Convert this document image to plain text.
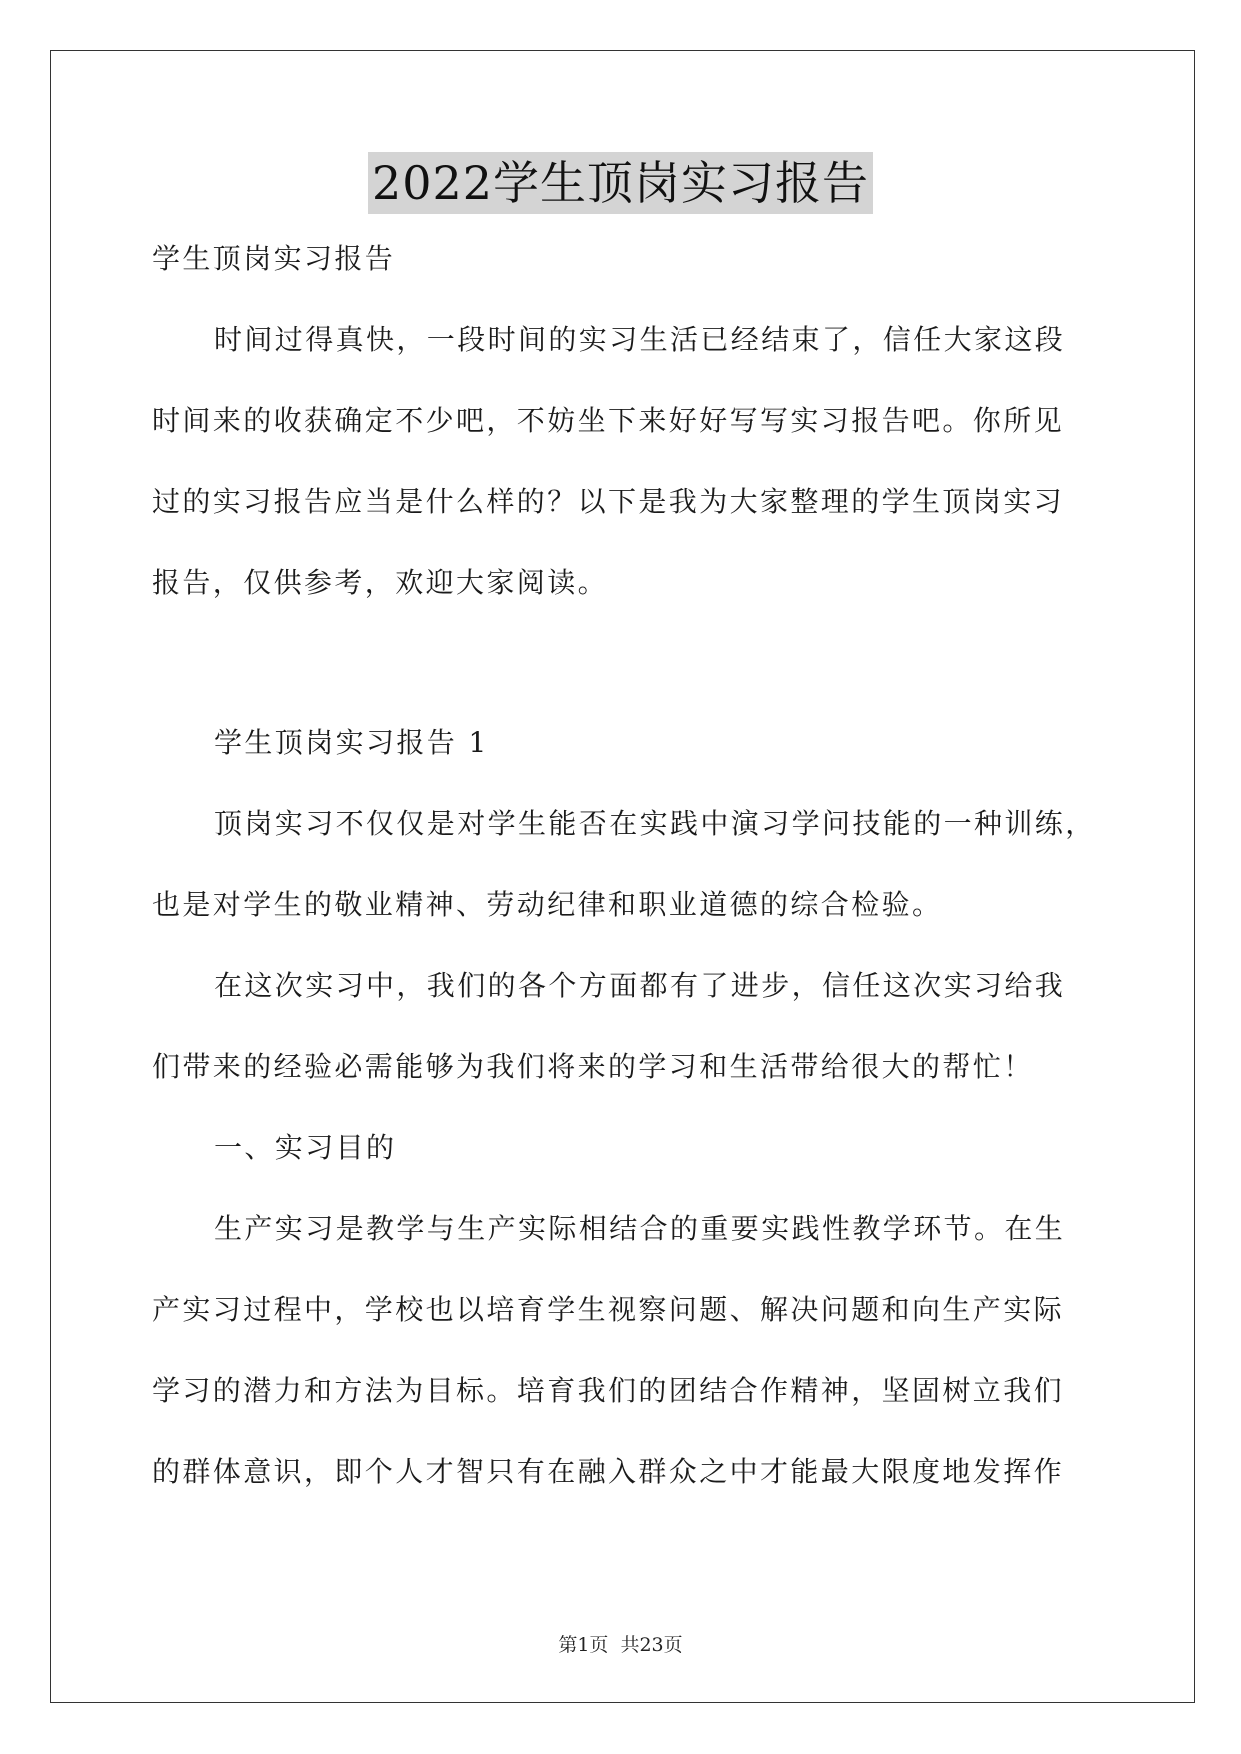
2022学生顶岗实习报告
学生顶岗实习报告
时间过得真快，一段时间的实习生活已经结束了，信任大家这段
时间来的收获确定不少吧，不妨坐下来好好写写实习报告吧。你所见
过的实习报告应当是什么样的？以下是我为大家整理的学生顶岗实习
报告，仅供参考，欢迎大家阅读。
学生顶岗实习报告 1
顶岗实习不仅仅是对学生能否在实践中演习学问技能的一种训练，
也是对学生的敬业精神、劳动纪律和职业道德的综合检验。
在这次实习中，我们的各个方面都有了进步，信任这次实习给我
们带来的经验必需能够为我们将来的学习和生活带给很大的帮忙！
一、实习目的
生产实习是教学与生产实际相结合的重要实践性教学环节。在生
产实习过程中，学校也以培育学生视察问题、解决问题和向生产实际
学习的潜力和方法为目标。培育我们的团结合作精神，坚固树立我们
的群体意识，即个人才智只有在融入群众之中才能最大限度地发挥作
第1页 共23页
